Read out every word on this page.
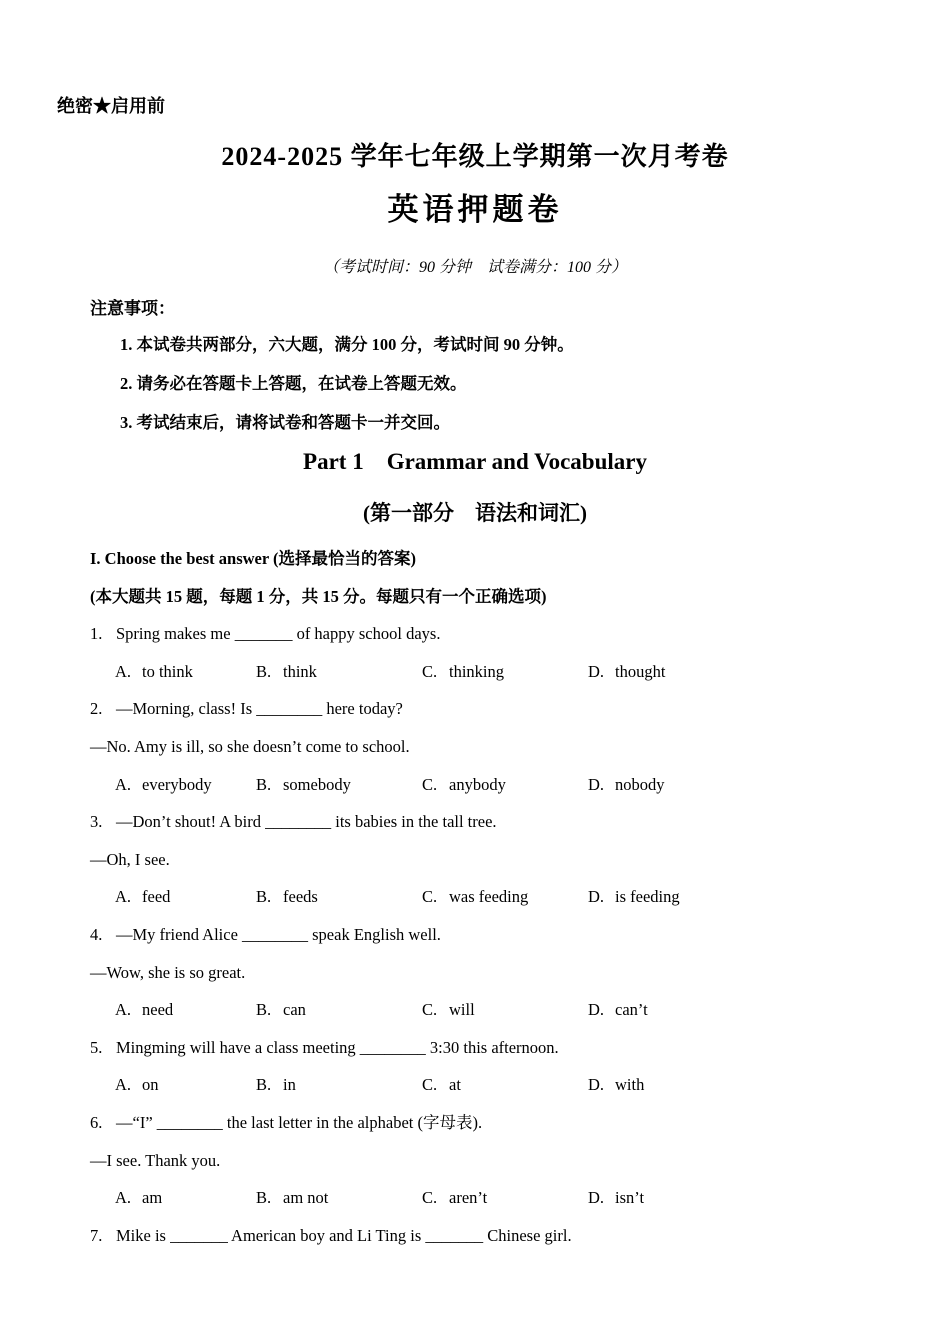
绝密★启用前
2024-2025 学年七年级上学期第一次月考卷
英语押题卷
（考试时间：90 分钟　试卷满分：100 分）
注意事项：
1. 本试卷共两部分，六大题，满分 100 分，考试时间 90 分钟。
2. 请务必在答题卡上答题，在试卷上答题无效。
3. 考试结束后，请将试卷和答题卡一并交回。
Part 1    Grammar and Vocabulary
(第一部分　语法和词汇)
I. Choose the best answer (选择最恰当的答案)
(本大题共 15 题，每题 1 分，共 15 分。每题只有一个正确选项)
1. Spring makes me _______ of happy school days.
A. to think	B. think	C. thinking	D. thought
2. —Morning, class! Is ________ here today?
—No. Amy is ill, so she doesn’t come to school.
A. everybody	B. somebody	C. anybody	D. nobody
3. —Don’t shout! A bird ________ its babies in the tall tree.
—Oh, I see.
A. feed	B. feeds	C. was feeding	D. is feeding
4. —My friend Alice ________ speak English well.
—Wow, she is so great.
A. need	B. can	C. will	D. can’t
5. Mingming will have a class meeting ________ 3:30 this afternoon.
A. on	B. in	C. at	D. with
6. —“I” ________ the last letter in the alphabet (字母表).
—I see. Thank you.
A. am	B. am not	C. aren’t	D. isn’t
7. Mike is _______ American boy and Li Ting is _______ Chinese girl.
